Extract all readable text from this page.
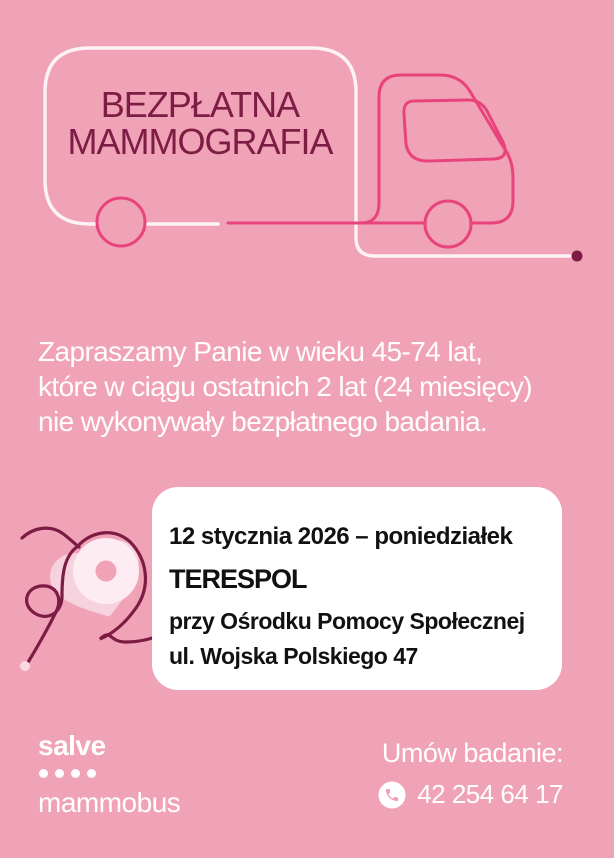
BEZPŁATNA
MAMMOGRAFIA
Zapraszamy Panie w wieku 45-74 lat,
które w ciągu ostatnich 2 lat (24 miesięcy)
nie wykonywały bezpłatnego badania.
12 stycznia 2026 – poniedziałek
TERESPOL
przy Ośrodku Pomocy Społecznej
ul. Wojska Polskiego 47
salve
mammobus
Umów badanie:
42 254 64 17
